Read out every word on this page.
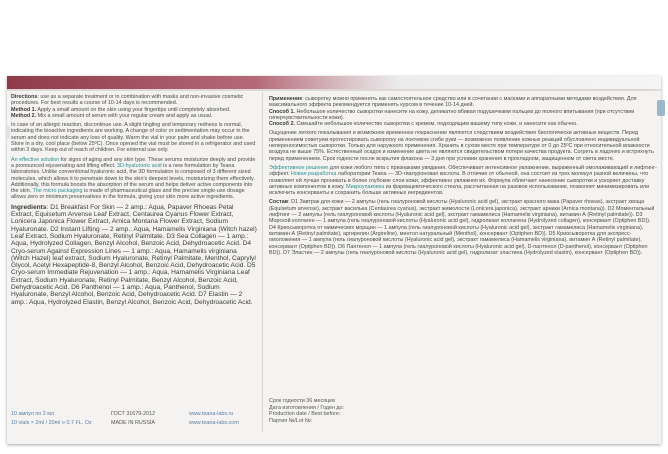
Directions: use as a separate treatment or in combination with masks and non-invasive cosmetic procedures. For best results a course of 10-14 days is recommended.
Method 1. Apply a small amount on the skin using your fingertips until completely absorbed.
Method 2. Mix a small amount of serum with your regular cream and apply as usual.

In case of an allergic reaction, discontinue use. A slight tingling and temporary redness is normal, indicating the bioactive ingredients are working. A change of color or sedimentation may occur in the serum and does not indicate any loss of quality. Warm the vial in your palm and shake before use. Store in a dry, cool place (below 25ºС). Once opened the vial must be stored in a refrigerator and used within 3 days. Keep out of reach of children. For external use only.

An effective solution for signs of aging and any skin type. These serums moisturize deeply and provide a pronounced rejuvenating and lifting effect. 3D-hyaluronic acid is a new formulation by Teana laboratories. Unlike conventional hyaluronic acid, the 3D formulation is composed of 3 different sized molecules, which allows it to penetrate down to the skin's deepest levels, moisturizing them effectively. Additionally, this formula boosts the absorption of the serum and helps deliver active components into the skin. The micro packaging is made of pharmaceutical glass and the precise single-use dosage allows zero or minimum preservatives in the formula, giving your skin more active ingredients.

Ingredients: D1 Breakfast For Skin — 2 amp.: Aqua, Papaver Rhoeas Petal Extract, Equisetum Arvense Leaf Extract, Centaurea Cyanus Flower Extract, Lonicera Japonica Flower Extract, Arnica Montana Flower Extract, Sodium Hyaluronate. D2 Instant Lifting — 2 amp.: Aqua, Hamamelis Virginiana (Witch hazel) Leaf Extract, Sodium Hyaluronate, Retinyl Palmitate. D3 Sea Collagen — 1 amp.: Aqua, Hydrolyzed Collagen, Benzyl Alcohol, Benzoic Acid, Dehydroacetic Acid. D4 Cryo-serum Against Expression Lines — 1 amp.: Aqua, Hamamelis virginiana (Witch Hazel) leaf extract, Sodium Hyaluronate, Retinyl Palmitate, Menthol, Caprylyl Glycol, Acetyl Hexapeptide-8, Benzyl Alcohol, Benzoic Acid, Dehydroacetic Acid. D5 Cryo-serum Immediate Rejuvenation — 1 amp.: Aqua, Hamamelis Virginiana Leaf Extract, Sodium Hyaluronate, Retinyl Palmitate, Benzyl Alcohol, Benzoic Acid, Dehydroacetic Acid. D6 Panthenol — 1 amp.: Aqua, Panthenol, Sodium Hyaluronate, Benzyl Alcohol, Benzoic Acid, Dehydroacetic Acid. D7 Elastin — 2 amp.: Aqua, Hydrolyzed Elastin, Benzyl Alcohol, Benzoic Acid, Dehydroacetic Acid.

10 ампул по 2 мл	ГОСТ 31679-2012	www.teana-labs.ru
10 vials × 2ml / 20ml ℮ 0.7 FL. Oz	MADE IN RUSSIA	www.teana-labs.com

Применение: сыворотку можно применять как самостоятельное средство или в сочетании с масками и аппаратными методами воздействия. Для максимального эффекта рекомендуется применять курсом в течение 10-14 дней.
Способ 1. Небольшое количество сыворотки нанесите на кожу, деликатно вбивая подушечками пальцев до полного впитывания (при отсутствии гиперчувствительности кожи).
Способ 2. Смешайте небольшое количество сыворотки с кремом, подходящим вашему типу кожи, и нанесите как обычно.

Ощущение легкого покалывания и возможное временное покраснение являются следствием воздействия биологически активных веществ. Перед применением советуем протестировать сыворотку на локтевом сгибе руки — возможное появление кожных реакций обусловлено индивидуальной непереносимостью сыворотки. Только для наружного применения. Хранить в сухом месте при температуре от 0 до 25ºС при относительной влажности воздуха не выше 75%. Естественный осадок и изменение цвета не являются свидетельством потери качества продукта. Согреть в ладонях и встряхнуть перед применением. Срок годности после вскрытия флакона — 3 дня при условии хранения в прохладном, защищенном от света месте.

Эффективное решение для кожи любого типа с признаками увядания. Обеспечивает интенсивное увлажнение, выраженный омолаживающий и лифтинг-эффект. Новая разработка лаборатории Teana — 3D-гиалуроновая кислота. В отличие от обычной, она состоит из трех молекул разной величины, что позволяет ей лучше проникать в более глубокие слои кожи, эффективно увлажняя их. Формула облегчает нанесение сыворотки и ускоряет доставку активных компонентов в кожу. Микроупаковка из фармацевтического стекла, рассчитанная на разовое использование, позволяет минимизировать или исключить консерванты и сохранить больше активных ингредиентов.

Состав: D1 Завтрак для кожи — 2 ампулы (гель гиалуроновой кислоты (Hyaluronic acid gel), экстракт красного мака (Papaver rhoeas), экстракт хвоща (Equisetum arvense), экстракт василька (Centaurea cyanus), экстракт жимолости (Lonicera japonica), экстракт арники (Arnica montana)). D2 Моментальный лифтинг — 2 ампулы (гель гиалуроновой кислоты (Hyaluronic acid gel), экстракт гамамелиса (Hamamelis virginiana), витамин А (Retinyl palmitate)). D3 Морской коллаген — 1 ампула (гель гиалуроновой кислоты (Hyaluronic acid gel), гидролизат коллагена (Hydrolyzed collagen), консервант (Optiphen BD)). D4 Криосыворотка от мимических морщин — 1 ампула (гель гиалуроновой кислоты (Hyaluronic acid gel), экстракт гамамелиса (Hamamelis virginiana), витамин А (Retinyl palmitate), аргирелин (Argireline), ментол натуральный (Menthol), консервант (Optiphen BD)). D5 Криосыворотка для экспресс-омоложения — 1 ампула (гель гиалуроновой кислоты (Hyaluronic acid gel), экстракт гамамелиса (Hamamelis virginiana), витамин А (Retinyl palmitate), консервант (Optiphen BD)). D6 Пантенол — 1 ампула (гель гиалуроновой кислоты (Hyaluronic acid gel), D-пантенол (D-panthenol), консервант (Optiphen BD)). D7 Эластин — 2 ампулы (гель гиалуроновой кислоты (Hyaluronic acid gel), гидролизат эластина (Hydrolyzed elastin), консервант (Optiphen BD)).

Срок годности 36 месяцев
Дата изготовления / Годен до:
Production date / Best before:
Партия №/Lot №:
